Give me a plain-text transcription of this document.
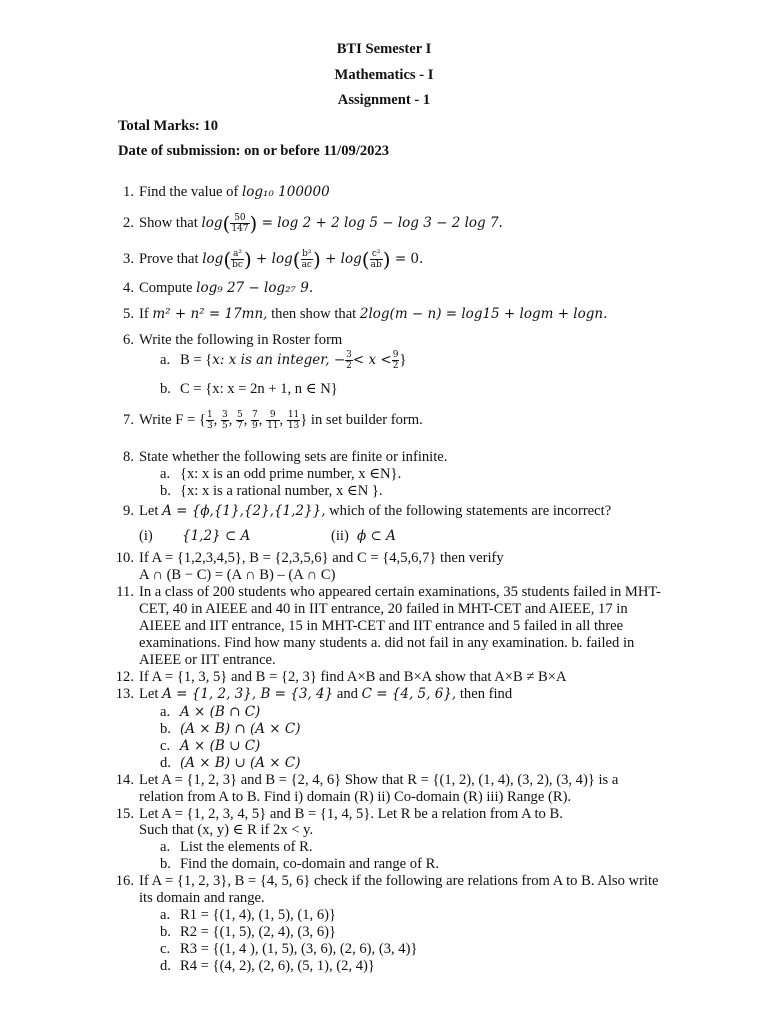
BTI Semester I
Mathematics - I
Assignment - 1
Total Marks: 10
Date of submission: on or before 11/09/2023
1. Find the value of log₁₀ 100000
2. Show that $\log( \frac{50}{147}$ ) = log 2 + 2 log 5 − log 3 − 2 log 7.
3. Prove that $\log( \frac{\text{a²}}{bc}$ ) + $\log( \frac{\text{b²}}{ac}$ ) + $\log( \frac{\text{c²}}{ab}$ ) = 0.
4. Compute log₉ 27 − log₂₇ 9.
5. If m² + n² = 17mn, then show that 2log(m − n) = log15 + logm + logn.
6. Write the following in Roster form
a. B = {x: x is an integer, − $\frac{3}{2} < x < \frac{9}{2}$ }
b. C = {x: x = 2n + 1, n ∈ N}
7. Write F = { $\frac{1}{3}$ , $\frac{3}{5}$ , $\frac{5}{7}$ , $\frac{7}{9}$ , $\frac{9}{11}$ , $\frac{11}{13}$ } in set builder form.
8. State whether the following sets are finite or infinite.
a. {x: x is an odd prime number, x ∈N}.
b. {x: x is a rational number, x ∈N }.
9. Let A = {ϕ,{1},{2},{1,2}}, which of the following statements are incorrect?
(i) {1,2} ⊂ A	(ii) ϕ ⊂ A
10. If A = {1,2,3,4,5}, B = {2,3,5,6} and C = {4,5,6,7} then verify
A ∩ (B − C) = (A ∩ B) – (A ∩ C)
11. In a class of 200 students who appeared certain examinations, 35 students failed in MHT-
CET, 40 in AIEEE and 40 in IIT entrance, 20 failed in MHT-CET and AIEEE, 17 in
AIEEE and IIT entrance, 15 in MHT-CET and IIT entrance and 5 failed in all three
examinations. Find how many students a. did not fail in any examination. b. failed in
AIEEE or IIT entrance.
12. If A = {1, 3, 5} and B = {2, 3} find A×B and B×A show that A×B ≠ B×A
13. Let A = {1, 2, 3}, B = {3, 4} and C = {4, 5, 6}, then find
a. A × (B ∩ C)
b. (A × B) ∩ (A × C)
c. A × (B ∪ C)
d. (A × B) ∪ (A × C)
14. Let A = {1, 2, 3} and B = {2, 4, 6} Show that R = {(1, 2), (1, 4), (3, 2), (3, 4)} is a
relation from A to B. Find i) domain (R) ii) Co-domain (R) iii) Range (R).
15. Let A = {1, 2, 3, 4, 5} and B = {1, 4, 5}. Let R be a relation from A to B.
Such that (x, y) ∈ R if 2x < y.
a. List the elements of R.
b. Find the domain, co-domain and range of R.
16. If A = {1, 2, 3}, B = {4, 5, 6} check if the following are relations from A to B. Also write
its domain and range.
a. R1 = {(1, 4), (1, 5), (1, 6)}
b. R2 = {(1, 5), (2, 4), (3, 6)}
c. R3 = {(1, 4 ), (1, 5), (3, 6), (2, 6), (3, 4)}
d. R4 = {(4, 2), (2, 6), (5, 1), (2, 4)}
